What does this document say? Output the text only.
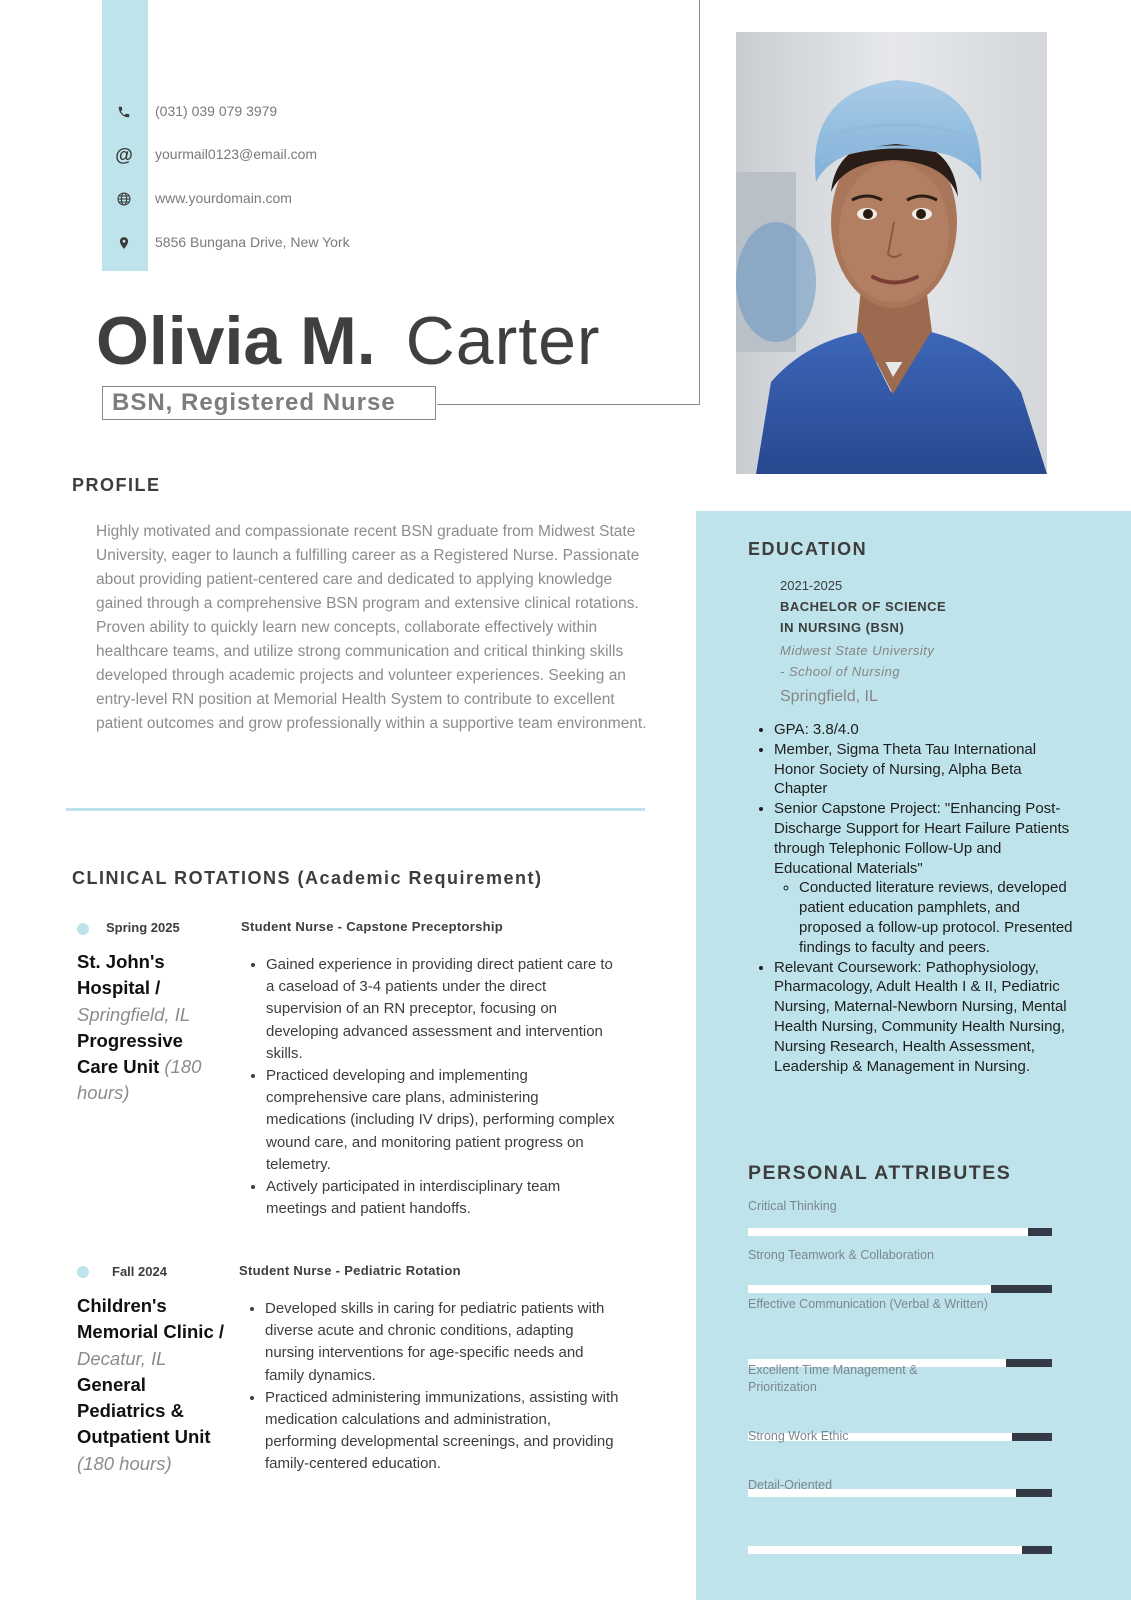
(031) 039 079 3979
@ yourmail0123@email.com
www.yourdomain.com
5856 Bungana Drive, New York
Olivia M. Carter
BSN, Registered Nurse
PROFILE
Highly motivated and compassionate recent BSN graduate from Midwest State University, eager to launch a fulfilling career as a Registered Nurse. Passionate about providing patient-centered care and dedicated to applying knowledge gained through a comprehensive BSN program and extensive clinical rotations. Proven ability to quickly learn new concepts, collaborate effectively within healthcare teams, and utilize strong communication and critical thinking skills developed through academic projects and volunteer experiences. Seeking an entry-level RN position at Memorial Health System to contribute to excellent patient outcomes and grow professionally within a supportive team environment.
CLINICAL ROTATIONS (Academic Requirement)
Spring 2025	Student Nurse - Capstone Preceptorship
St. John's Hospital / Springfield, IL Progressive Care Unit (180 hours)
• Gained experience in providing direct patient care to a caseload of 3-4 patients under the direct supervision of an RN preceptor, focusing on developing advanced assessment and intervention skills.
• Practiced developing and implementing comprehensive care plans, administering medications (including IV drips), performing complex wound care, and monitoring patient progress on telemetry.
• Actively participated in interdisciplinary team meetings and patient handoffs.
Fall 2024	Student Nurse - Pediatric Rotation
Children's Memorial Clinic / Decatur, IL General Pediatrics & Outpatient Unit (180 hours)
• Developed skills in caring for pediatric patients with diverse acute and chronic conditions, adapting nursing interventions for age-specific needs and family dynamics.
• Practiced administering immunizations, assisting with medication calculations and administration, performing developmental screenings, and providing family-centered education.
EDUCATION
2021-2025
BACHELOR OF SCIENCE
IN NURSING (BSN)
Midwest State University
- School of Nursing
Springfield, IL
• GPA: 3.8/4.0
• Member, Sigma Theta Tau International Honor Society of Nursing, Alpha Beta Chapter
• Senior Capstone Project: "Enhancing Post-Discharge Support for Heart Failure Patients through Telephonic Follow-Up and Educational Materials"
◦ Conducted literature reviews, developed patient education pamphlets, and proposed a follow-up protocol. Presented findings to faculty and peers.
• Relevant Coursework: Pathophysiology, Pharmacology, Adult Health I & II, Pediatric Nursing, Maternal-Newborn Nursing, Mental Health Nursing, Community Health Nursing, Nursing Research, Health Assessment, Leadership & Management in Nursing.
PERSONAL ATTRIBUTES
Critical Thinking
Strong Teamwork & Collaboration
Effective Communication (Verbal & Written)
Excellent Time Management & Prioritization
Strong Work Ethic
Detail-Oriented
